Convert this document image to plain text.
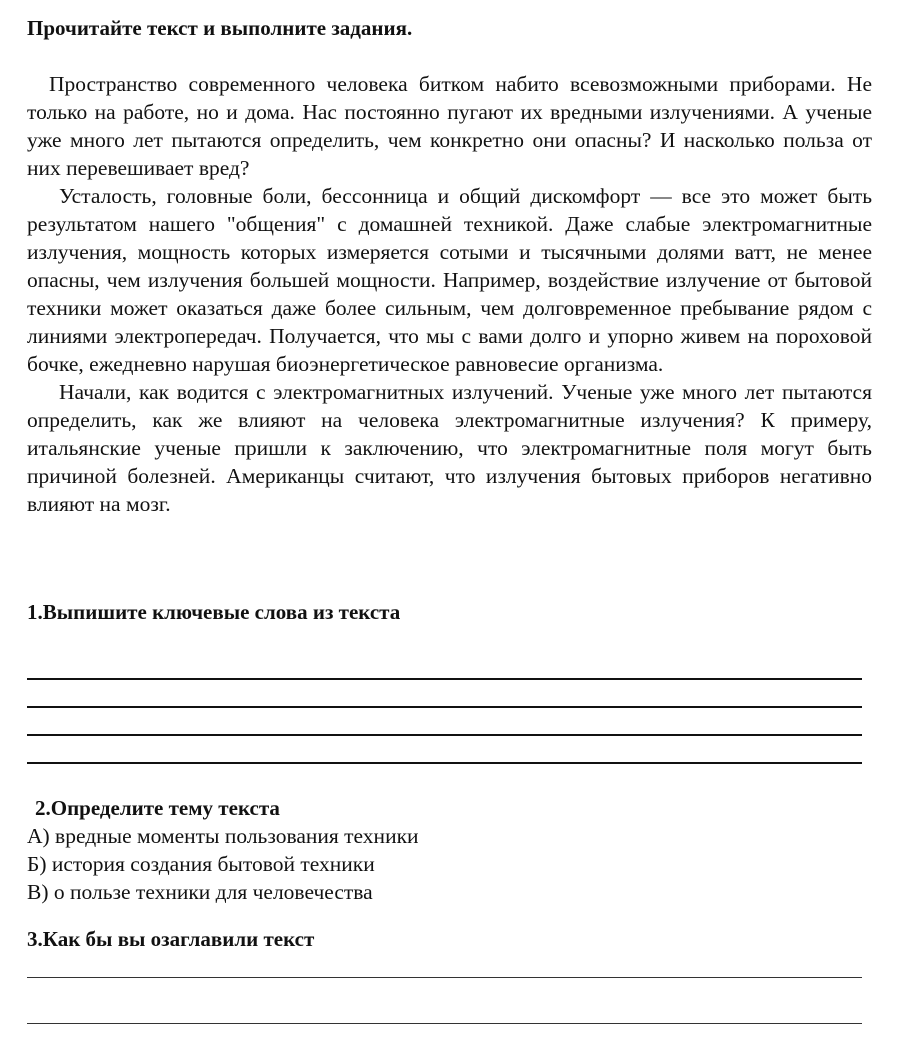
Прочитайте текст и выполните задания.

Пространство современного человека битком набито всевозможными приборами. Не только на работе, но и дома. Нас постоянно пугают их вредными излучениями. А ученые уже много лет пытаются определить, чем конкретно они опасны? И насколько польза от них перевешивает вред?

Усталость, головные боли, бессонница и общий дискомфорт — все это может быть результатом нашего "общения" с домашней техникой. Даже слабые электромагнитные излучения, мощность которых измеряется сотыми и тысячными долями ватт, не менее опасны, чем излучения большей мощности. Например, воздействие излучение от бытовой техники может оказаться даже более сильным, чем долговременное пребывание рядом с линиями электропередач. Получается, что мы с вами долго и упорно живем на пороховой бочке, ежедневно нарушая биоэнергетическое равновесие организма.

Начали, как водится с электромагнитных излучений. Ученые уже много лет пытаются определить, как же влияют на человека электромагнитные излучения? К примеру, итальянские ученые пришли к заключению, что электромагнитные поля могут быть причиной болезней. Американцы считают, что излучения бытовых приборов негативно влияют на мозг.

1.Выпишите ключевые слова из текста
2.Определите тему текста
А) вредные моменты пользования техники
Б) история создания бытовой техники
В) о пользе техники для человечества
3.Как бы вы озаглавили текст
